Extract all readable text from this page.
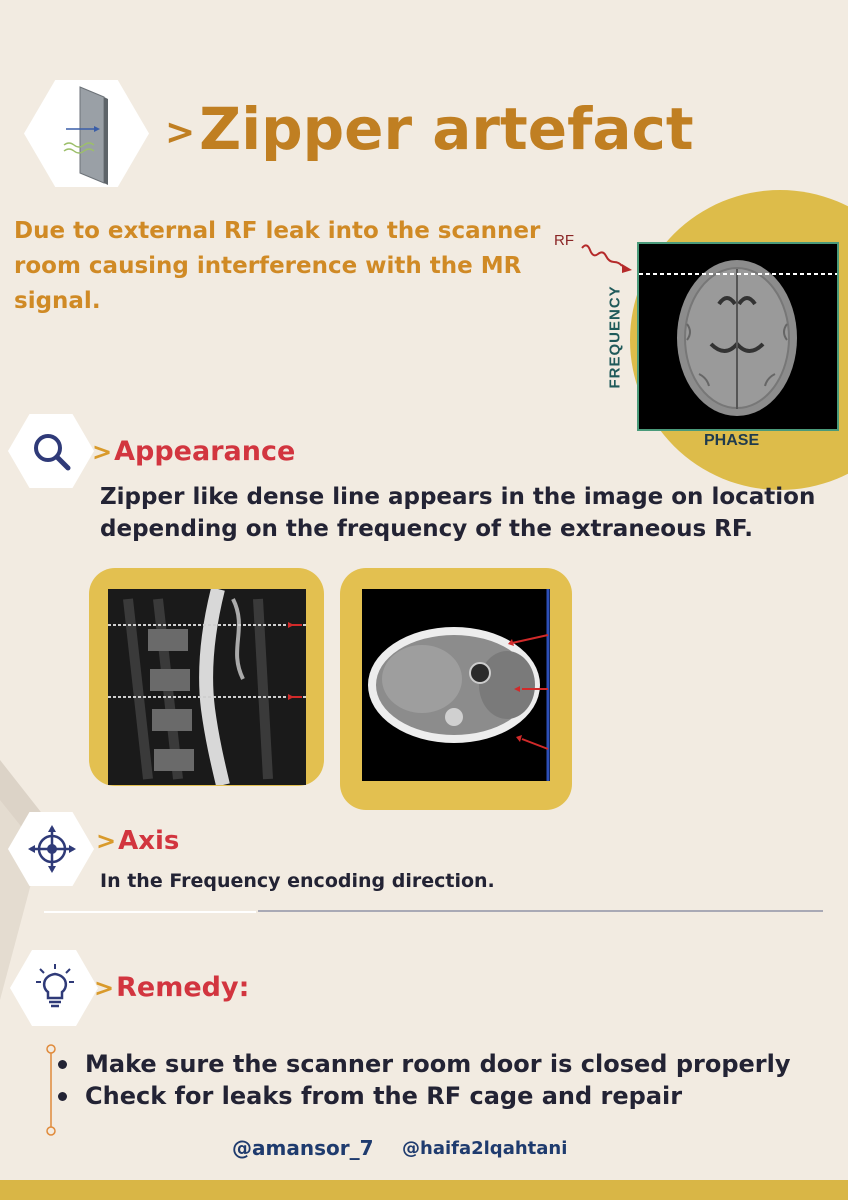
>Zipper artefact
Due to external RF leak into the scanner room causing interference with the MR signal.
RF
FREQUENCY
PHASE
>Appearance
Zipper like dense line appears in the image on location depending on the frequency of the extraneous RF.
>Axis
In the Frequency encoding direction.
>Remedy:
Make sure the scanner room door is closed properly
Check for leaks from the RF cage and repair
@amansor_7 @haifa2lqahtani
